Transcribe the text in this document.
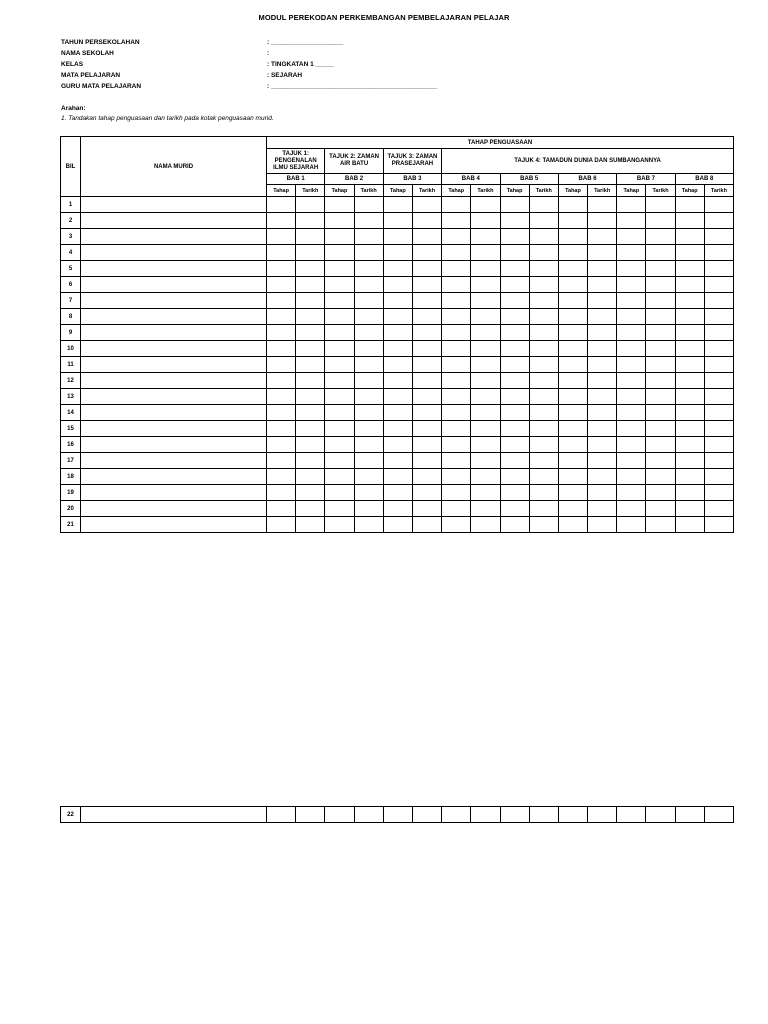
MODUL PEREKODAN PERKEMBANGAN PEMBELAJARAN PELAJAR
TAHUN PERSEKOLAHAN	: ____________________
NAMA SEKOLAH	:
KELAS	: TINGKATAN 1 _____
MATA PELAJARAN	: SEJARAH
GURU MATA PELAJARAN	: ______________________________________________
Arahan:
1. Tandakan tahap penguasaan dan tarikh pada kotak penguasaan murid.
BIL	NAMA MURID	TAHAP PENGUASAAN															

		TAJUK 1: PENGENALAN ILMU SEJARAH		TAJUK 2: ZAMAN AIR BATU		TAJUK 3: ZAMAN PRASEJARAH		TAJUK 4: TAMADUN DUNIA DAN SUMBANGANNYA									

		BAB 1		BAB 2		BAB 3		BAB 4		BAB 5		BAB 6		BAB 7		BAB 8	
		Tahap	Tarikh	Tahap	Tarikh	Tahap	Tarikh	Tahap	Tarikh	Tahap	Tarikh	Tahap	Tarikh	Tahap	Tarikh	Tahap	Tarikh
1																	
2																	
3																	
4																	
5																	
6																	
7																	
8																	
9																	
10																	
11																	
12																	
13																	
14																	
15																	
16																	
17																	
18																	
19																	
20																	
21																	
22																	
